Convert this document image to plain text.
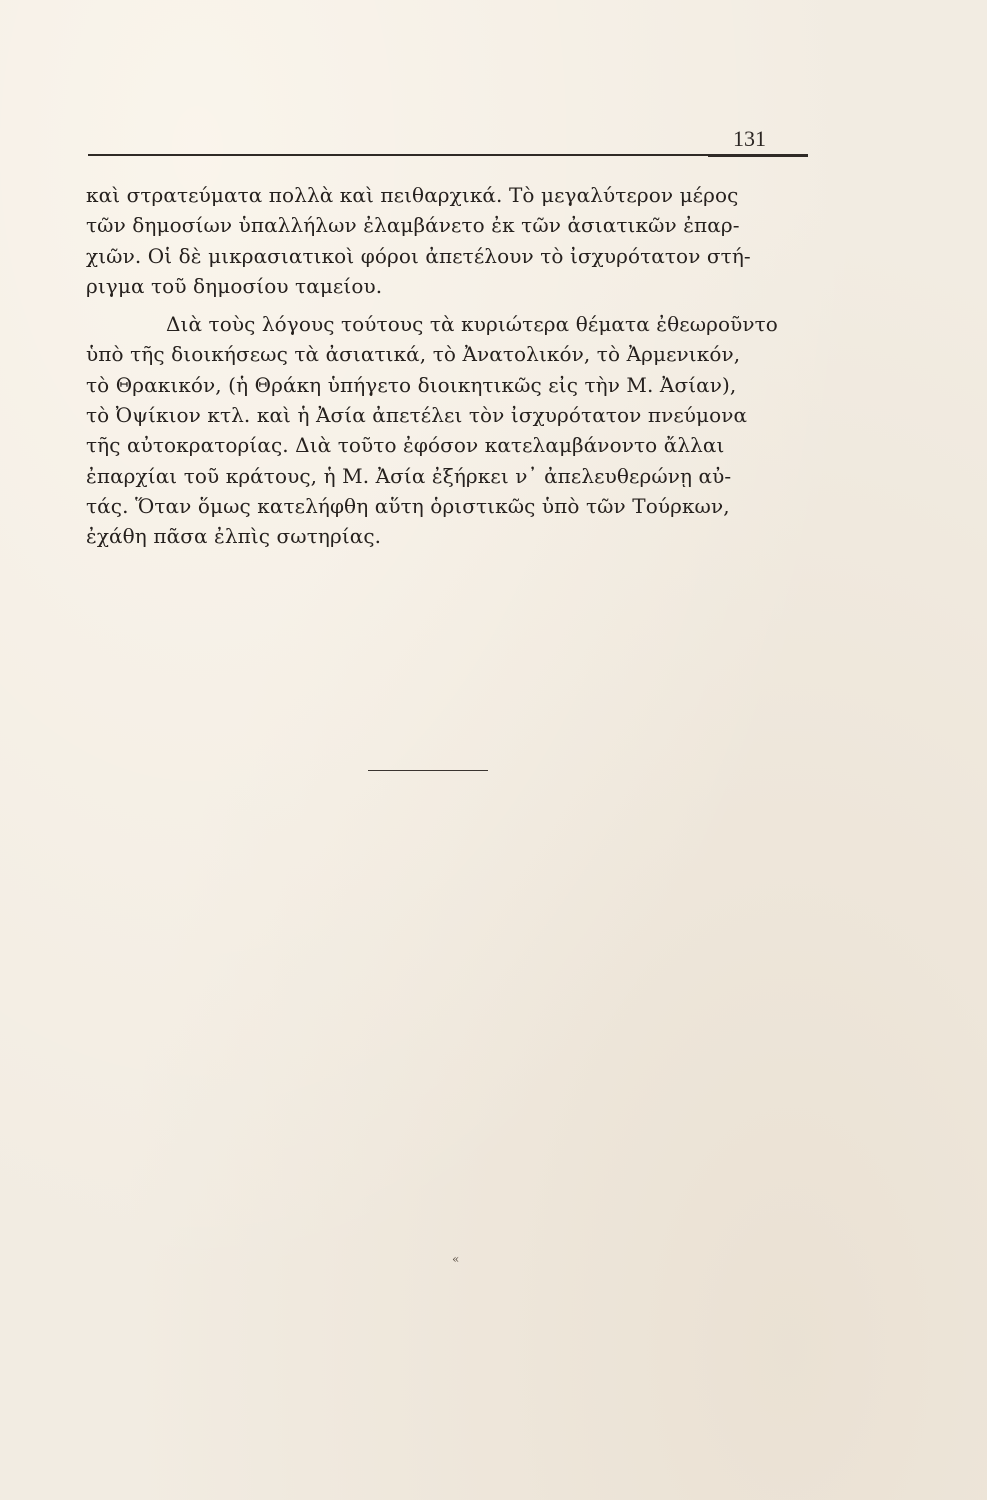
131

καὶ στρατεύματα πολλὰ καὶ πειθαρχικά. Τὸ μεγαλύτερον μέρος
τῶν δημοσίων ὑπαλλήλων ἐλαμβάνετο ἐκ τῶν ἀσιατικῶν ἐπαρ-
χιῶν. Οἱ δὲ μικρασιατικοὶ φόροι ἀπετέλουν τὸ ἰσχυρότατον στή-
ριγμα τοῦ δημοσίου ταμείου.

Διὰ τοὺς λόγους τούτους τὰ κυριώτερα θέματα ἐθεωροῦντο
ὑπὸ τῆς διοικήσεως τὰ ἀσιατικά, τὸ Ἀνατολικόν, τὸ Ἀρμενικόν,
τὸ Θρακικόν, (ἡ Θράκη ὑπήγετο διοικητικῶς εἰς τὴν Μ. Ἀσίαν),
τὸ Ὀψίκιον κτλ. καὶ ἡ Ἀσία ἀπετέλει τὸν ἰσχυρότατον πνεύμονα
τῆς αὐτοκρατορίας. Διὰ τοῦτο ἐφόσον κατελαμβάνοντο ἄλλαι
ἐπαρχίαι τοῦ κράτους, ἡ Μ. Ἀσία ἐξήρκει ν᾽ ἀπελευθερώνῃ αὐ-
τάς. Ὅταν ὅμως κατελήφθη αὕτη ὁριστικῶς ὑπὸ τῶν Τούρκων,
ἐχάθη πᾶσα ἐλπὶς σωτηρίας.

«
